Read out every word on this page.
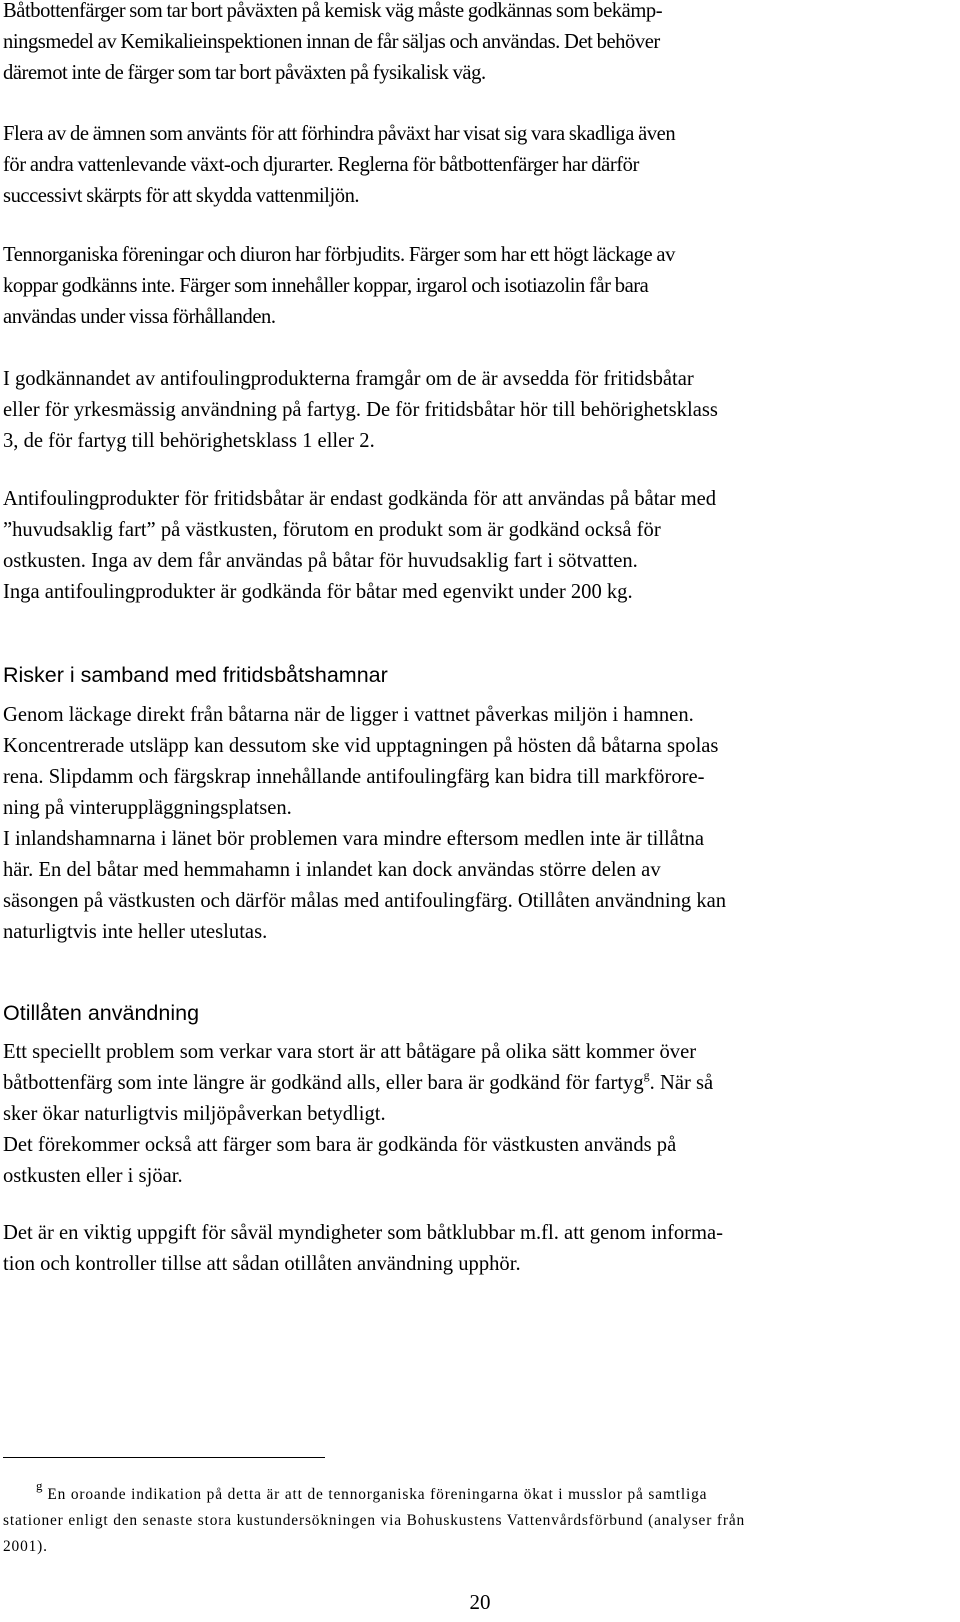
Båtbottenfärger som tar bort påväxten på kemisk väg måste godkännas som bekämp-
ningsmedel av Kemikalieinspektionen innan de får säljas och användas. Det behöver
däremot inte de färger som tar bort påväxten på fysikalisk väg.

Flera av de ämnen som använts för att förhindra påväxt har visat sig vara skadliga även
för andra vattenlevande växt-och djurarter. Reglerna för båtbottenfärger har därför
successivt skärpts för att skydda vattenmiljön.

Tennorganiska föreningar och diuron har förbjudits. Färger som har ett högt läckage av
koppar godkänns inte. Färger som innehåller koppar, irgarol och isotiazolin får bara
användas under vissa förhållanden.

I godkännandet av antifoulingprodukterna framgår om de är avsedda för fritidsbåtar
eller för yrkesmässig användning på fartyg. De för fritidsbåtar hör till behörighetsklass
3, de för fartyg till behörighetsklass 1 eller 2.

Antifoulingprodukter för fritidsbåtar är endast godkända för att användas på båtar med
”huvudsaklig fart” på västkusten, förutom en produkt som är godkänd också för
ostkusten. Inga av dem får användas på båtar för huvudsaklig fart i sötvatten.
Inga antifoulingprodukter är godkända för båtar med egenvikt under 200 kg.

Risker i samband med fritidsbåtshamnar

Genom läckage direkt från båtarna när de ligger i vattnet påverkas miljön i hamnen.
Koncentrerade utsläpp kan dessutom ske vid upptagningen på hösten då båtarna spolas
rena. Slipdamm och färgskrap innehållande antifoulingfärg kan bidra till markförore-
ning på vinteruppläggningsplatsen.
I inlandshamnarna i länet bör problemen vara mindre eftersom medlen inte är tillåtna
här. En del båtar med hemmahamn i inlandet kan dock användas större delen av
säsongen på västkusten och därför målas med antifoulingfärg. Otillåten användning kan
naturligtvis inte heller uteslutas.

Otillåten användning

Ett speciellt problem som verkar vara stort är att båtägare på olika sätt kommer över
båtbottenfärg som inte längre är godkänd alls, eller bara är godkänd för fartyg$^g$. När så
sker ökar naturligtvis miljöpåverkan betydligt.
Det förekommer också att färger som bara är godkända för västkusten används på
ostkusten eller i sjöar.

Det är en viktig uppgift för såväl myndigheter som båtklubbar m.fl. att genom informa-
tion och kontroller tillse att sådan otillåten användning upphör.

$^g$En oroande indikation på detta är att de tennorganiska föreningarna ökat i musslor på samtliga
stationer enligt den senaste stora kustundersökningen via Bohuskustens Vattenvårdsförbund (analyser från
2001).

20
